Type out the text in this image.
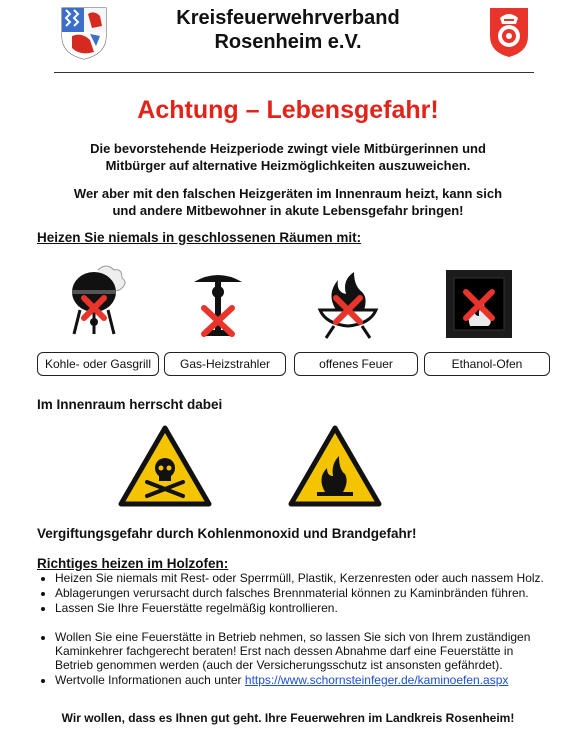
Kreisfeuerwehrverband
Rosenheim e.V.
Achtung – Lebensgefahr!
Die bevorstehende Heizperiode zwingt viele Mitbürgerinnen und
Mitbürger auf alternative Heizmöglichkeiten auszuweichen.
Wer aber mit den falschen Heizgeräten im Innenraum heizt, kann sich
und andere Mitbewohner in akute Lebensgefahr bringen!
Heizen Sie niemals in geschlossenen Räumen mit:
Kohle- oder Gasgrill	Gas-Heizstrahler	offenes Feuer	Ethanol-Ofen
Im Innenraum herrscht dabei
Vergiftungsgefahr durch Kohlenmonoxid und Brandgefahr!
Richtiges heizen im Holzofen:
• Heizen Sie niemals mit Rest- oder Sperrmüll, Plastik, Kerzenresten oder auch nassem Holz.
• Ablagerungen verursacht durch falsches Brennmaterial können zu Kaminbränden führen.
• Lassen Sie Ihre Feuerstätte regelmäßig kontrollieren.
• Wollen Sie eine Feuerstätte in Betrieb nehmen, so lassen Sie sich von Ihrem zuständigen Kaminkehrer fachgerecht beraten! Erst nach dessen Abnahme darf eine Feuerstätte in Betrieb genommen werden (auch der Versicherungsschutz ist ansonsten gefährdet).
• Wertvolle Informationen auch unter https://www.schornsteinfeger.de/kaminoefen.aspx
Wir wollen, dass es Ihnen gut geht. Ihre Feuerwehren im Landkreis Rosenheim!
